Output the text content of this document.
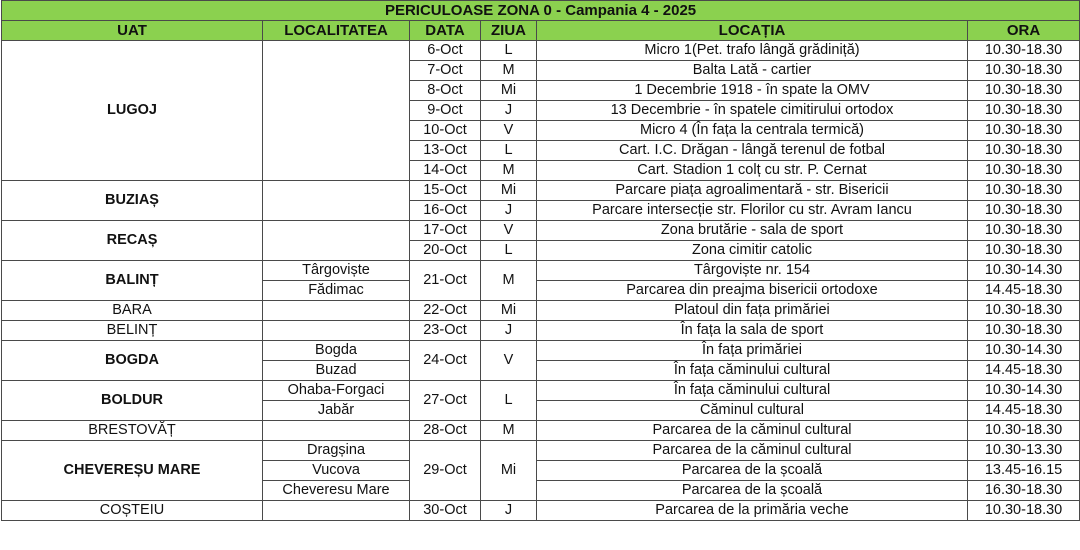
PERICULOASE ZONA 0 - Campania 4 - 2025					
UAT	LOCALITATEA	DATA	ZIUA	LOCAȚIA	ORA
LUGOJ		6-Oct	L	Micro 1(Pet. trafo lângă grădiniță)	10.30-18.30
		7-Oct	M	Balta Lată - cartier	10.30-18.30
		8-Oct	Mi	1 Decembrie 1918 - în spate la OMV	10.30-18.30
		9-Oct	J	13 Decembrie - în spatele cimitirului ortodox	10.30-18.30
		10-Oct	V	Micro 4 (În fața la centrala termică)	10.30-18.30
		13-Oct	L	Cart. I.C. Drăgan - lângă terenul de fotbal	10.30-18.30
		14-Oct	M	Cart. Stadion 1 colț cu str. P. Cernat	10.30-18.30
BUZIAȘ		15-Oct	Mi	Parcare piața agroalimentară - str. Bisericii	10.30-18.30
		16-Oct	J	Parcare intersecție str. Florilor cu str. Avram Iancu	10.30-18.30
RECAȘ		17-Oct	V	Zona brutărie - sala de sport	10.30-18.30
		20-Oct	L	Zona cimitir catolic	10.30-18.30
BALINȚ	Târgoviște	21-Oct	M	Târgoviște nr. 154	10.30-14.30
	Fădimac			Parcarea din preajma bisericii ortodoxe	14.45-18.30
BARA		22-Oct	Mi	Platoul din fața primăriei	10.30-18.30
BELINȚ		23-Oct	J	În fața la sala de sport	10.30-18.30
BOGDA	Bogda	24-Oct	V	În fața primăriei	10.30-14.30
	Buzad			În fața căminului cultural	14.45-18.30
BOLDUR	Ohaba-Forgaci	27-Oct	L	În fața căminului cultural	10.30-14.30
	Jabăr			Căminul cultural	14.45-18.30
BRESTOVĂȚ		28-Oct	M	Parcarea de la căminul cultural	10.30-18.30
CHEVEREȘU MARE	Dragșina	29-Oct	Mi	Parcarea de la căminul cultural	10.30-13.30
	Vucova			Parcarea de la școală	13.45-16.15
	Cheveresu Mare			Parcarea de la școală	16.30-18.30
COȘTEIU		30-Oct	J	Parcarea de la primăria veche	10.30-18.30
